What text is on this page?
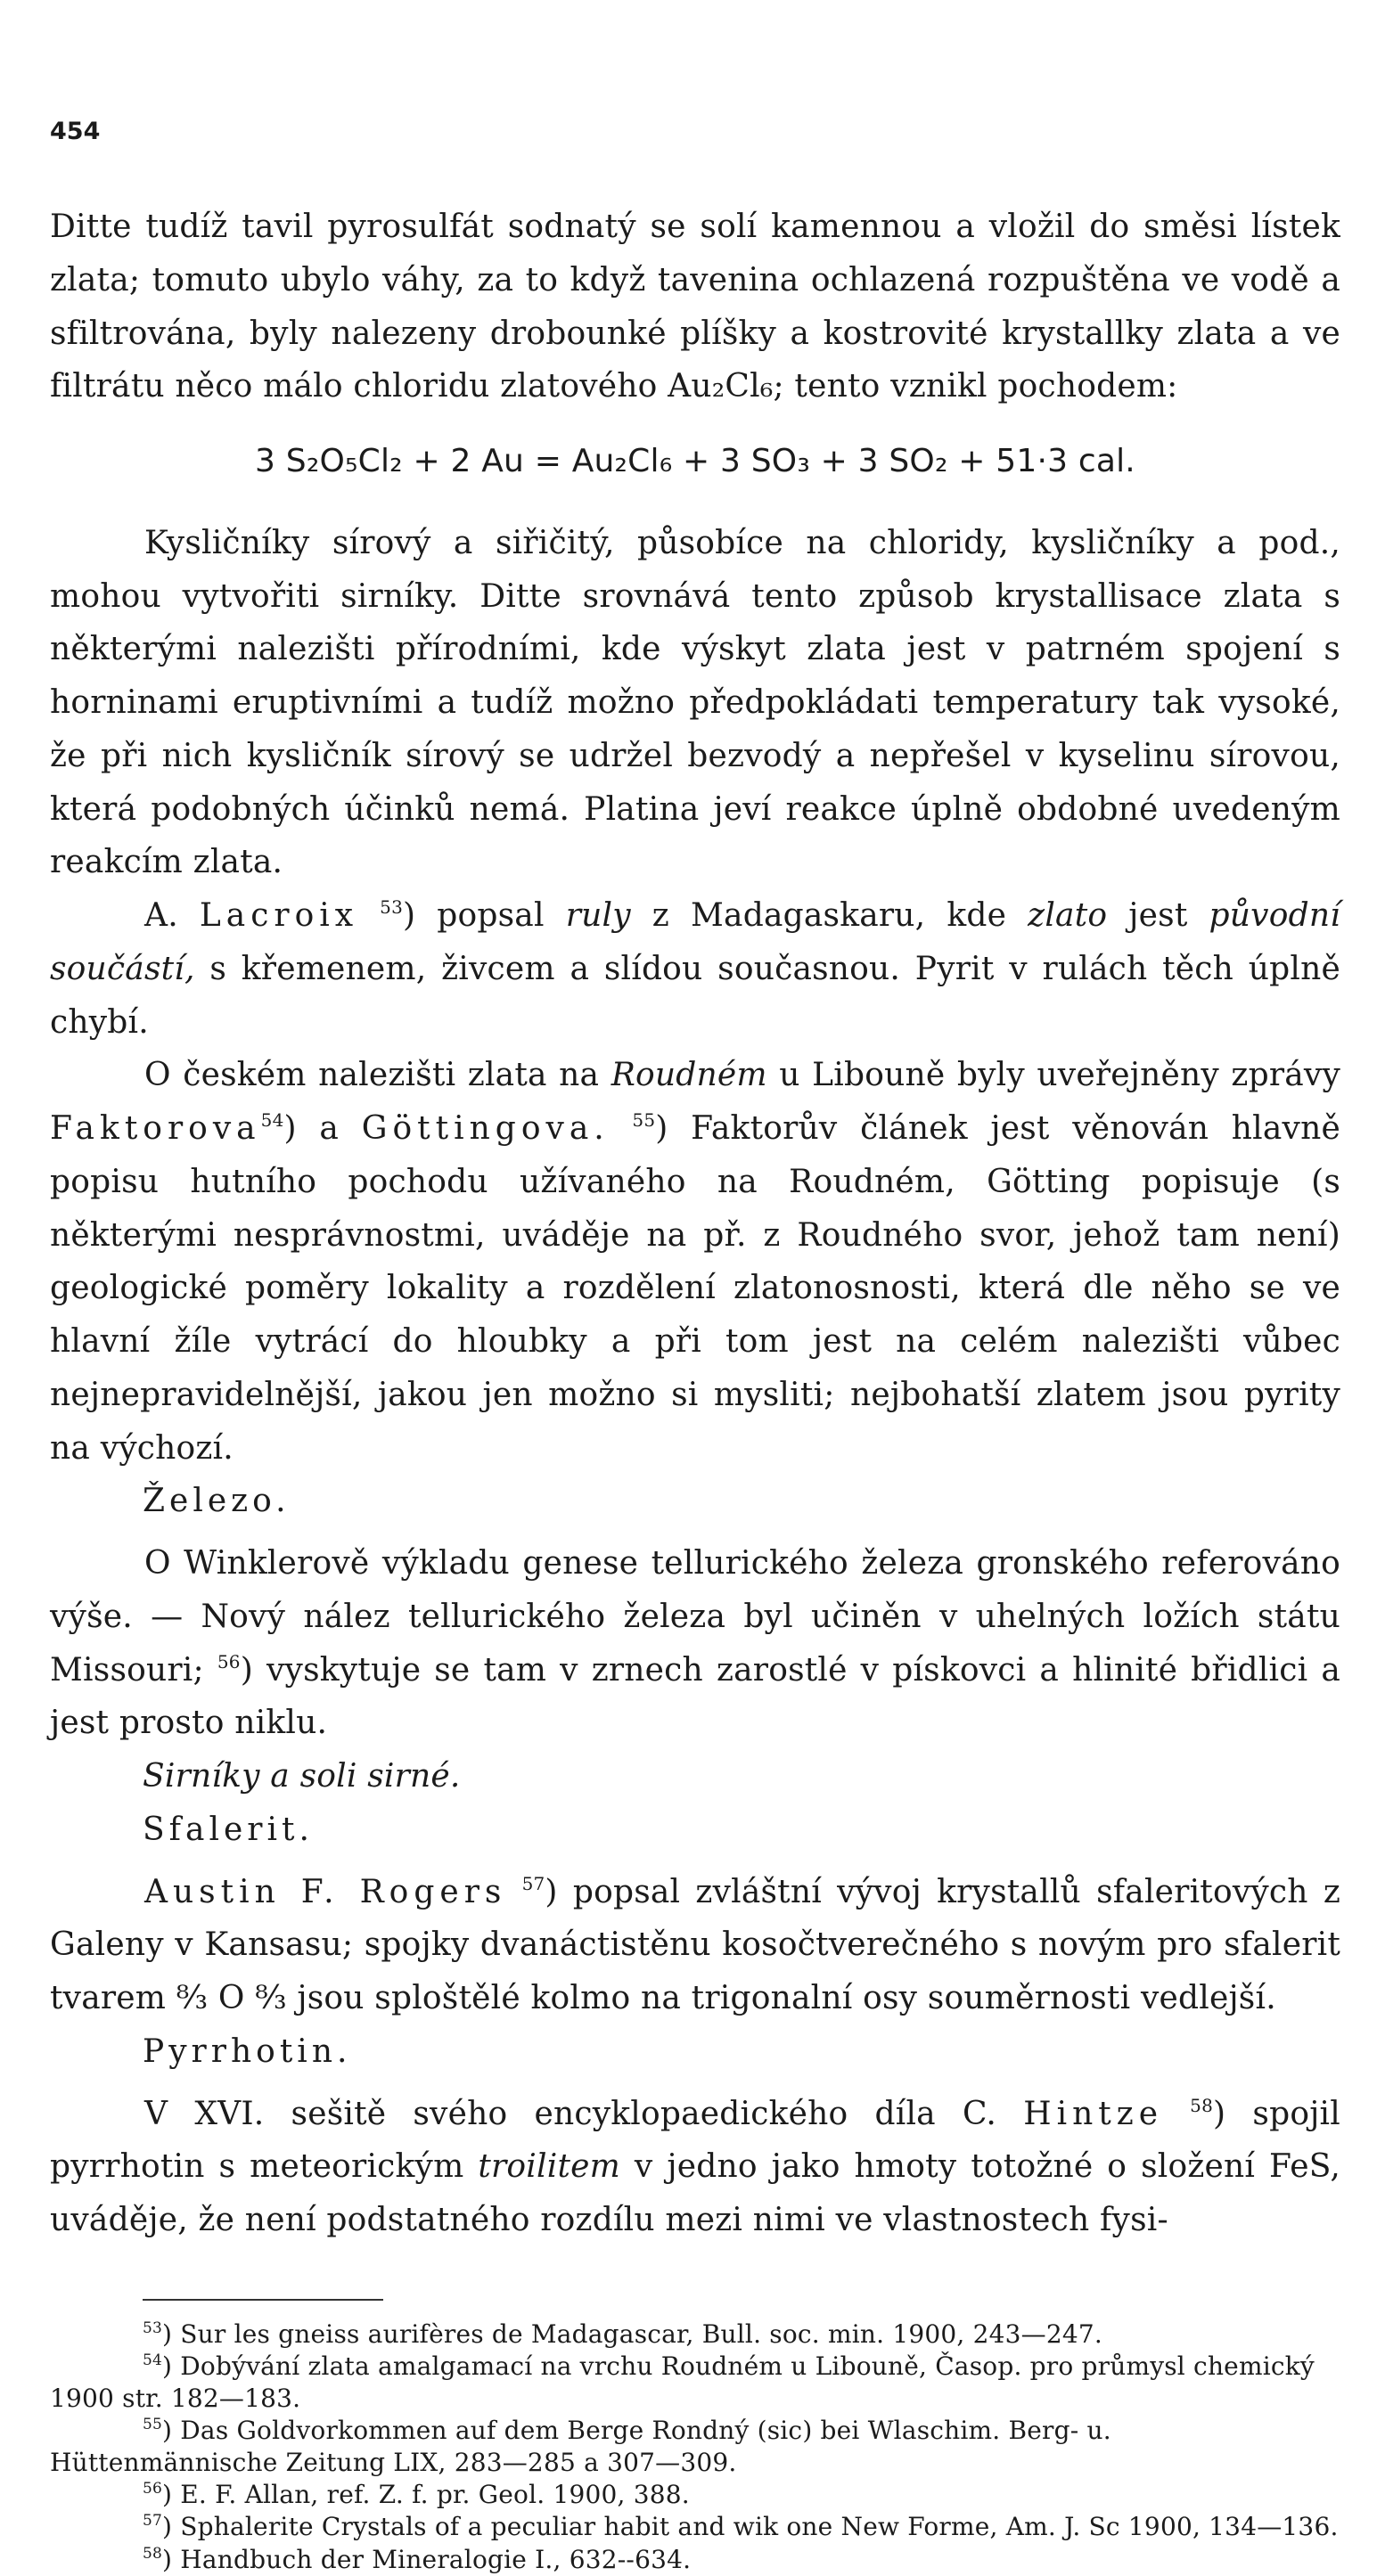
454

Ditte tudíž tavil pyrosulfát sodnatý se solí kamennou a vložil do směsi lístek zlata; tomuto ubylo váhy, za to když tavenina ochlazená rozpuštěna ve vodě a sfiltrována, byly nalezeny drobounké plíšky a kostrovité krystallky zlata a ve filtrátu něco málo chloridu zlatového Au₂Cl₆; tento vznikl pochodem:

3 S₂O₅Cl₂ + 2 Au = Au₂Cl₆ + 3 SO₃ + 3 SO₂ + 51·3 cal.

Kysličníky sírový a siřičitý, působíce na chloridy, kysličníky a pod., mohou vytvořiti sirníky. Ditte srovnává tento způsob krystallisace zlata s některými nalezišti přírodními, kde výskyt zlata jest v patrném spojení s horninami eruptivními a tudíž možno předpokládati temperatury tak vysoké, že při nich kysličník sírový se udržel bezvodý a nepřešel v kyselinu sírovou, která podobných účinků nemá. Platina jeví reakce úplně obdobné uvedeným reakcím zlata.

A. Lacroix $^{53}$) popsal ruly z Madagaskaru, kde zlato jest původní součástí, s křemenem, živcem a slídou současnou. Pyrit v rulách těch úplně chybí.

O českém nalezišti zlata na Roudném u Libouně byly uveřejněny zprávy Faktorova$^{54}$) a Göttingova. $^{55}$) Faktorův článek jest věnován hlavně popisu hutního pochodu užívaného na Roudném, Götting popisuje (s některými nesprávnostmi, uváděje na př. z Roudného svor, jehož tam není) geologické poměry lokality a rozdělení zlatonosnosti, která dle něho se ve hlavní žíle vytrácí do hloubky a při tom jest na celém nalezišti vůbec nejnepravidelnější, jakou jen možno si mysliti; nejbohatší zlatem jsou pyrity na výchozí.

Železo.

O Winklerově výkladu genese tellurického železa gronského referováno výše. — Nový nález tellurického železa byl učiněn v uhelných ložích státu Missouri; $^{56}$) vyskytuje se tam v zrnech zarostlé v pískovci a hlinité břidlici a jest prosto niklu.

Sirníky a soli sirné.

Sfalerit.

Austin F. Rogers $^{57}$) popsal zvláštní vývoj krystallů sfaleritových z Galeny v Kansasu; spojky dvanáctistěnu kosočtverečného s novým pro sfalerit tvarem ⁸⁄₃ O ⁸⁄₃ jsou sploštělé kolmo na trigonalní osy souměrnosti vedlejší.

Pyrrhotin.

V XVI. sešitě svého encyklopaedického díla C. Hintze $^{58}$) spojil pyrrhotin s meteorickým troilitem v jedno jako hmoty totožné o složení FeS, uváděje, že není podstatného rozdílu mezi nimi ve vlastnostech fysi-

$^{53}$) Sur les gneiss aurifères de Madagascar, Bull. soc. min. 1900, 243—247.

$^{54}$) Dobývání zlata amalgamací na vrchu Roudném u Libouně, Časop. pro průmysl chemický 1900 str. 182—183.

$^{55}$) Das Goldvorkommen auf dem Berge Rondný (sic) bei Wlaschim. Berg- u. Hüttenmännische Zeitung LIX, 283—285 a 307—309.

$^{56}$) E. F. Allan, ref. Z. f. pr. Geol. 1900, 388.

$^{57}$) Sphalerite Crystals of a peculiar habit and wik one New Forme, Am. J. Sc 1900, 134—136.

$^{58}$) Handbuch der Mineralogie I., 632--634.
